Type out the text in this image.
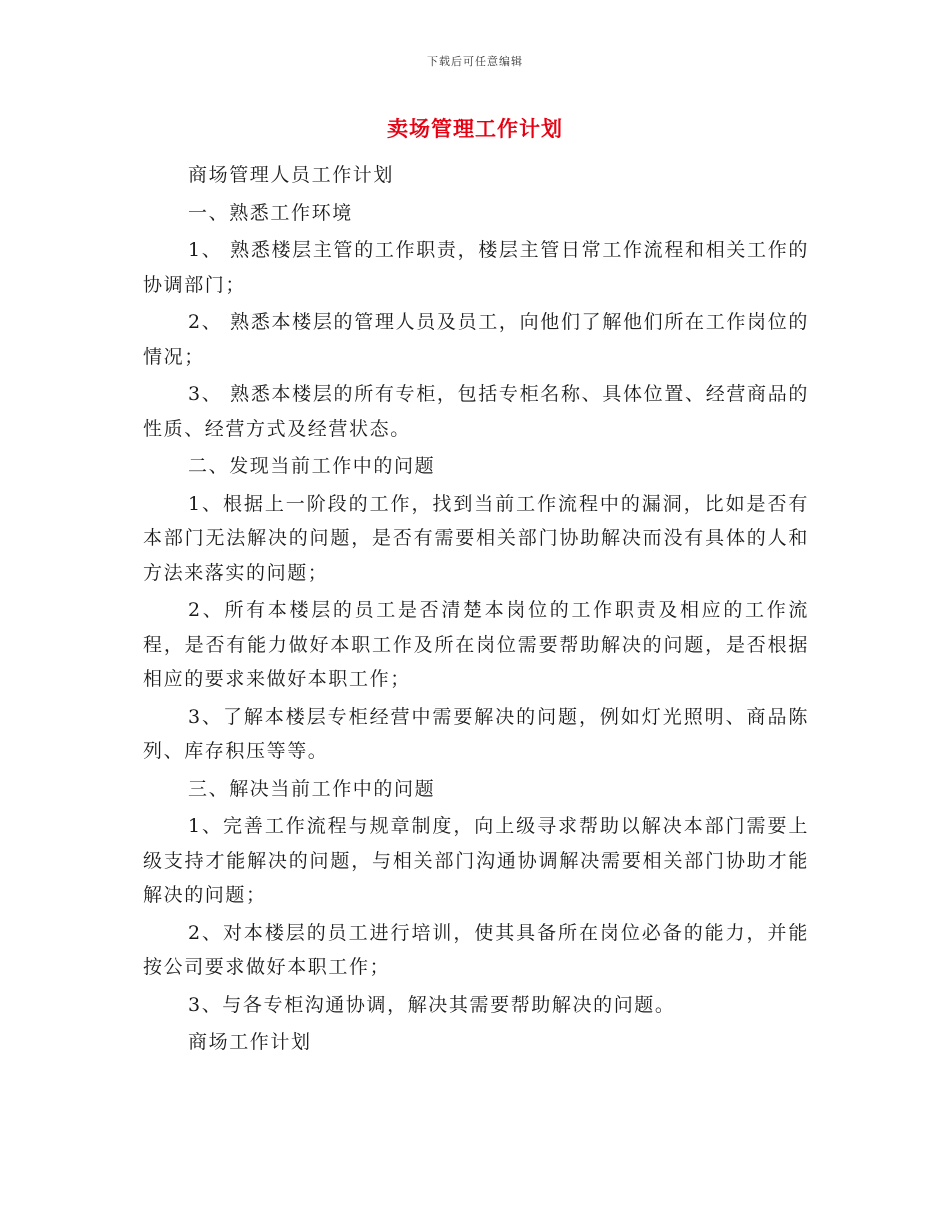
下载后可任意编辑
卖场管理工作计划

商场管理人员工作计划

一、熟悉工作环境

1、 熟悉楼层主管的工作职责，楼层主管日常工作流程和相关工作的协调部门；

2、 熟悉本楼层的管理人员及员工，向他们了解他们所在工作岗位的情况；

3、 熟悉本楼层的所有专柜，包括专柜名称、具体位置、经营商品的性质、经营方式及经营状态。

二、发现当前工作中的问题

1、根据上一阶段的工作，找到当前工作流程中的漏洞，比如是否有本部门无法解决的问题，是否有需要相关部门协助解决而没有具体的人和方法来落实的问题；

2、所有本楼层的员工是否清楚本岗位的工作职责及相应的工作流程，是否有能力做好本职工作及所在岗位需要帮助解决的问题，是否根据相应的要求来做好本职工作；

3、了解本楼层专柜经营中需要解决的问题，例如灯光照明、商品陈列、库存积压等等。

三、解决当前工作中的问题

1、完善工作流程与规章制度，向上级寻求帮助以解决本部门需要上级支持才能解决的问题，与相关部门沟通协调解决需要相关部门协助才能解决的问题；

2、对本楼层的员工进行培训，使其具备所在岗位必备的能力，并能按公司要求做好本职工作；

3、与各专柜沟通协调，解决其需要帮助解决的问题。

商场工作计划
